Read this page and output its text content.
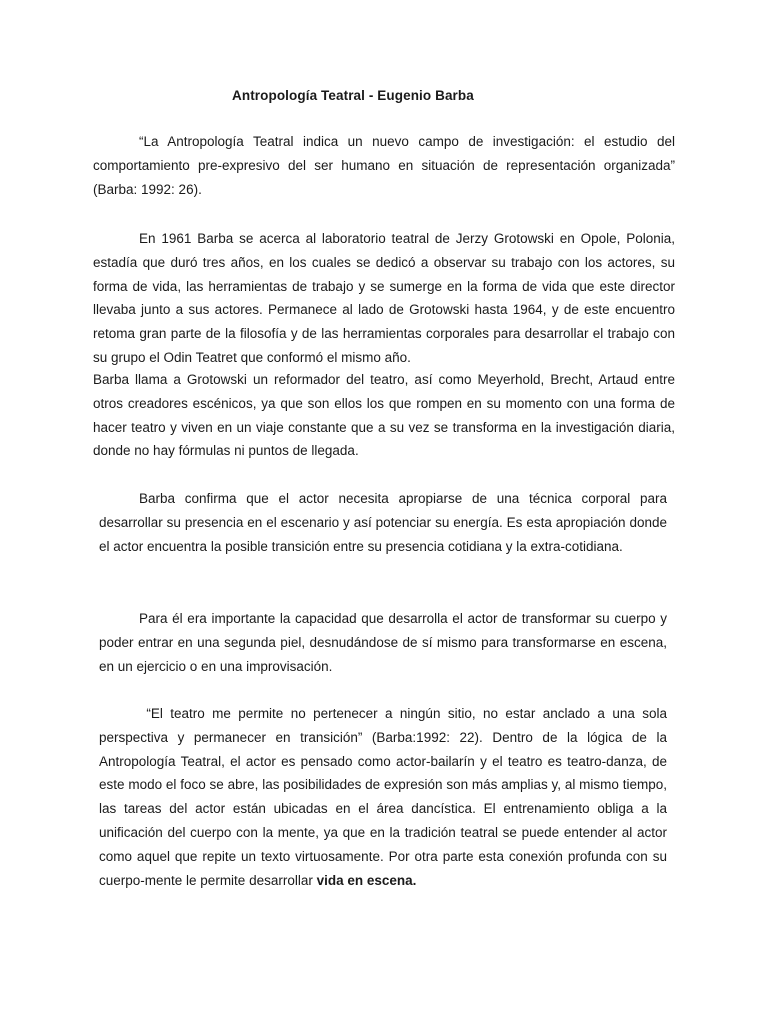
Antropología Teatral - Eugenio Barba
“La Antropología Teatral indica un nuevo campo de investigación: el estudio del comportamiento pre-expresivo del ser humano en situación de representación organizada” (Barba: 1992: 26).
En 1961 Barba se acerca al laboratorio teatral de Jerzy Grotowski en Opole, Polonia, estadía que duró tres años, en los cuales se dedicó a observar su trabajo con los actores, su forma de vida, las herramientas de trabajo y se sumerge en la forma de vida que este director llevaba junto a sus actores. Permanece al lado de Grotowski hasta 1964, y de este encuentro retoma gran parte de la filosofía y de las herramientas corporales para desarrollar el trabajo con su grupo el Odin Teatret que conformó el mismo año.
Barba llama a Grotowski un reformador del teatro, así como Meyerhold, Brecht, Artaud entre otros creadores escénicos, ya que son ellos los que rompen en su momento con una forma de hacer teatro y viven en un viaje constante que a su vez se transforma en la investigación diaria, donde no hay fórmulas ni puntos de llegada.
Barba confirma que el actor necesita apropiarse de una técnica corporal para desarrollar su presencia en el escenario y así potenciar su energía. Es esta apropiación donde el actor encuentra la posible transición entre su presencia cotidiana y la extra-cotidiana.
Para él era importante la capacidad que desarrolla el actor de transformar su cuerpo y poder entrar en una segunda piel, desnudándose de sí mismo para transformarse en escena, en un ejercicio o en una improvisación.
“El teatro me permite no pertenecer a ningún sitio, no estar anclado a una sola perspectiva y permanecer en transición” (Barba:1992: 22). Dentro de la lógica de la Antropología Teatral, el actor es pensado como actor-bailarín y el teatro es teatro-danza, de este modo el foco se abre, las posibilidades de expresión son más amplias y, al mismo tiempo, las tareas del actor están ubicadas en el área dancística. El entrenamiento obliga a la unificación del cuerpo con la mente, ya que en la tradición teatral se puede entender al actor como aquel que repite un texto virtuosamente. Por otra parte esta conexión profunda con su cuerpo-mente le permite desarrollar vida en escena.
